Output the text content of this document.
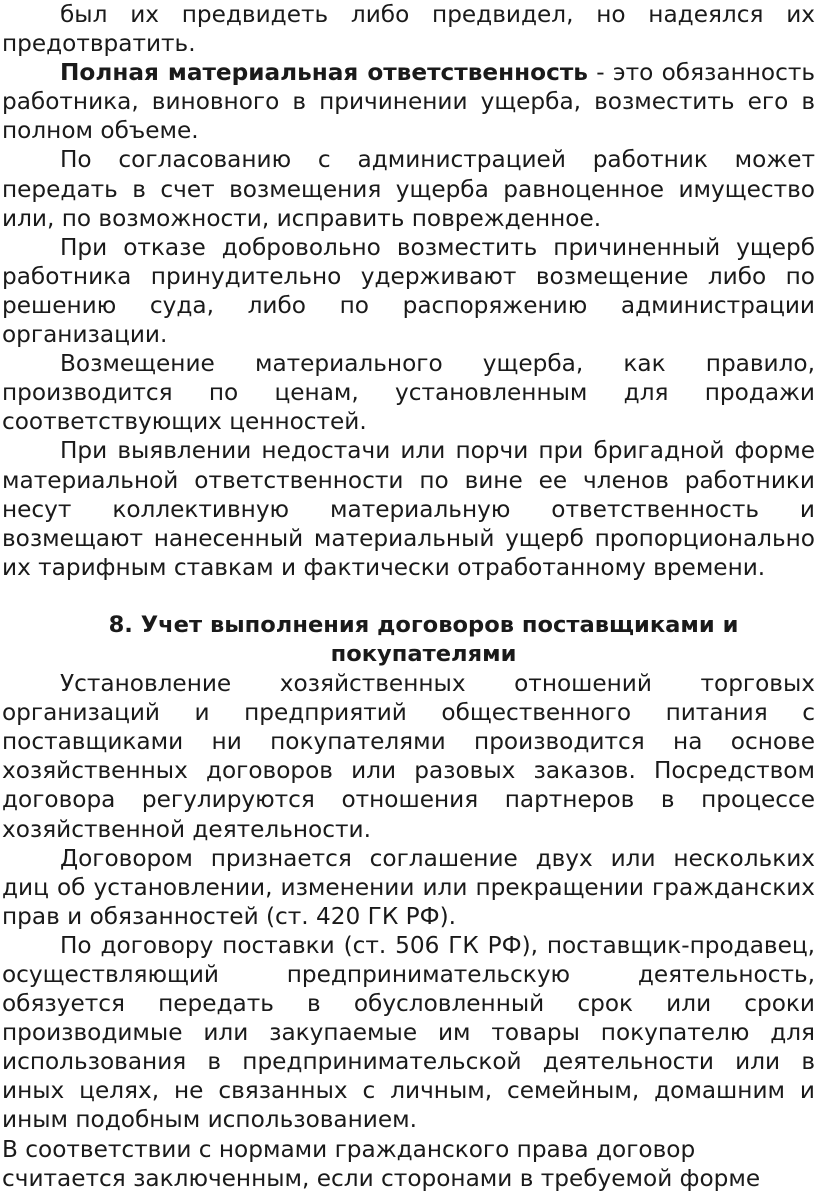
был их предвидеть либо предвидел, но надеялся их предотвратить.

Полная материальная ответственность - это обязанность работника, виновного в причинении ущерба, возместить его в полном объеме.

По согласованию с администрацией работник может передать в счет возмещения ущерба равноценное имущество или, по возможности, исправить поврежденное.

При отказе добровольно возместить причиненный ущерб работника принудительно удерживают возмещение либо по решению суда, либо по распоряжению администрации организации.

Возмещение материального ущерба, как правило, производится по ценам, установленным для продажи соответствующих ценностей.

При выявлении недостачи или порчи при бригадной форме материальной ответственности по вине ее членов работники несут коллективную материальную ответственность и возмещают нанесенный материальный ущерб пропорционально их тарифным ставкам и фактически отработанному времени.

8. Учет выполнения договоров поставщиками и покупателями

Установление хозяйственных отношений торговых организаций и предприятий общественного питания с поставщиками ни покупателями производится на основе хозяйственных договоров или разовых заказов. Посредством договора регулируются отношения партнеров в процессе хозяйственной деятельности.

Договором признается соглашение двух или нескольких диц об установлении, изменении или прекращении гражданских прав и обязанностей (ст. 420 ГК РФ).

По договору поставки (ст. 506 ГК РФ), поставщик-продавец, осуществляющий предпринимательскую деятельность, обязуется передать в обусловленный срок или сроки производимые или закупаемые им товары покупателю для использования в предпринимательской деятельности или в иных целях, не связанных с личным, семейным, домашним и иным подобным использованием.

В соответствии с нормами гражданского права договор

считается заключенным, если сторонами в требуемой форме
